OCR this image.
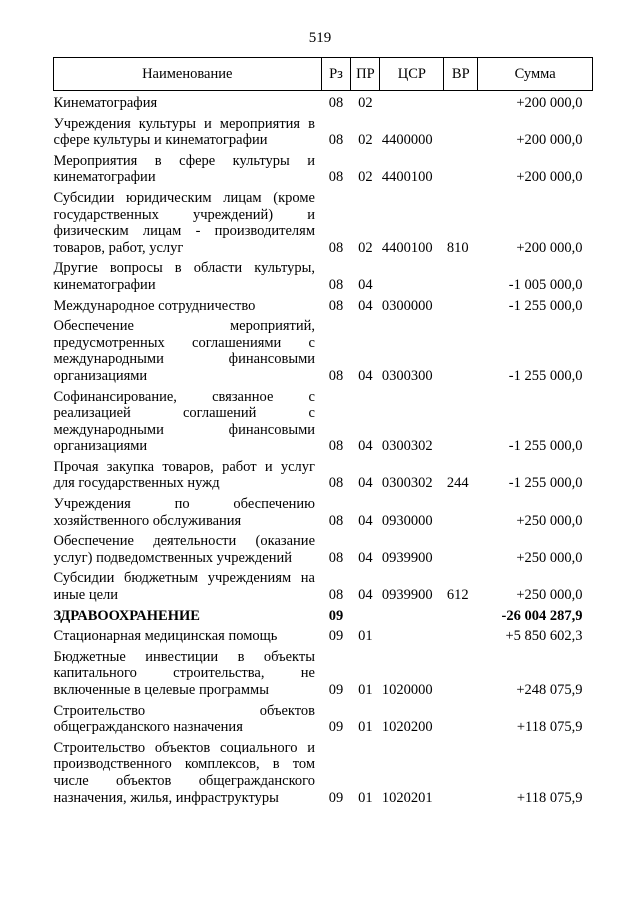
519
Наименование	Рз	ПР	ЦСР	ВР	Сумма
Кинематография	08	02			+200 000,0
Учреждения культуры и мероприятия в сфере культуры и кинематографии	08	02	4400000		+200 000,0
Мероприятия в сфере культуры и кинематографии	08	02	4400100		+200 000,0
Субсидии юридическим лицам (кроме государственных учреждений) и физическим лицам - производителям товаров, работ, услуг	08	02	4400100	810	+200 000,0
Другие вопросы в области культуры, кинематографии	08	04			-1 005 000,0
Международное сотрудничество	08	04	0300000		-1 255 000,0
Обеспечение мероприятий, предусмотренных соглашениями с международными финансовыми организациями	08	04	0300300		-1 255 000,0
Софинансирование, связанное с реализацией соглашений с международными финансовыми организациями	08	04	0300302		-1 255 000,0
Прочая закупка товаров, работ и услуг для государственных нужд	08	04	0300302	244	-1 255 000,0
Учреждения по обеспечению хозяйственного обслуживания	08	04	0930000		+250 000,0
Обеспечение деятельности (оказание услуг) подведомственных учреждений	08	04	0939900		+250 000,0
Субсидии бюджетным учреждениям на иные цели	08	04	0939900	612	+250 000,0
ЗДРАВООХРАНЕНИЕ	09				-26 004 287,9
Стационарная медицинская помощь	09	01			+5 850 602,3
Бюджетные инвестиции в объекты капитального строительства, не включенные в целевые программы	09	01	1020000		+248 075,9
Строительство объектов общегражданского назначения	09	01	1020200		+118 075,9
Строительство объектов социального и производственного комплексов, в том числе объектов общегражданского назначения, жилья, инфраструктуры	09	01	1020201		+118 075,9
